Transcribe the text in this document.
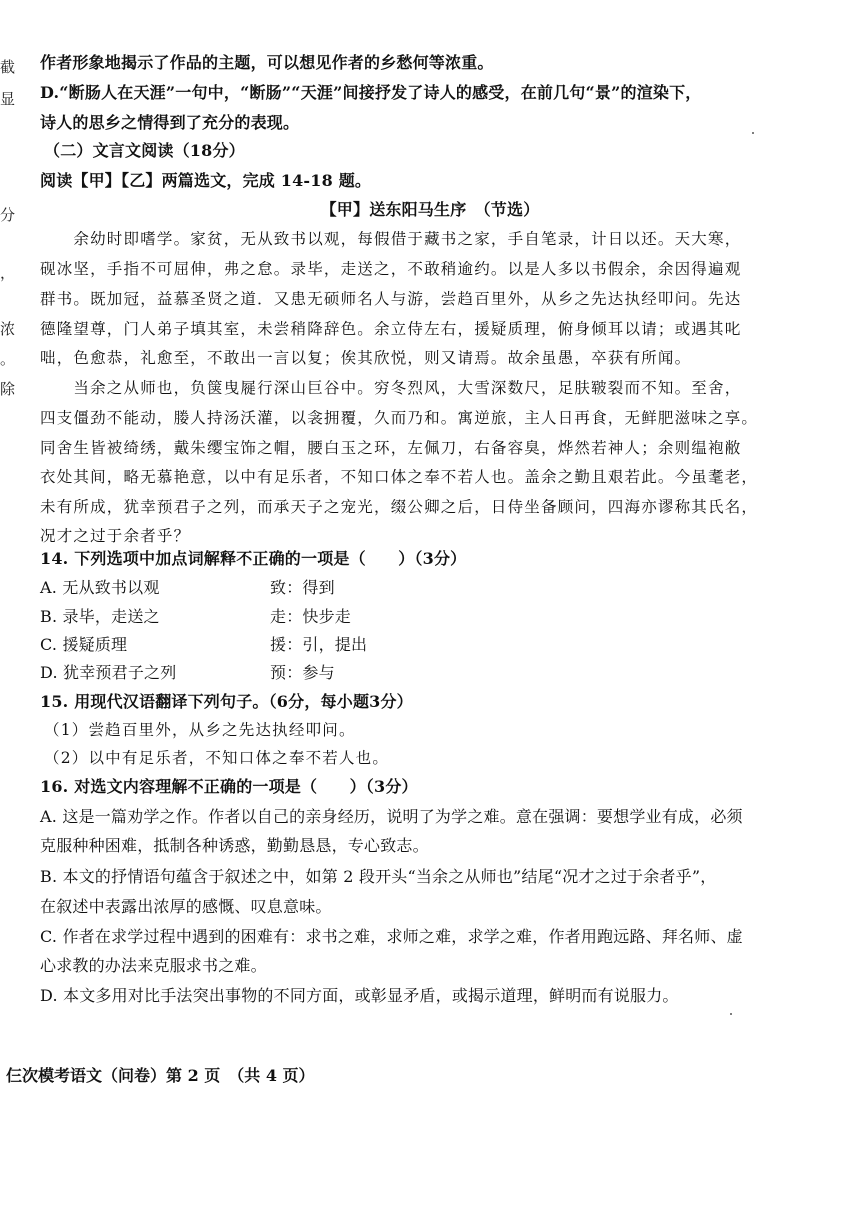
截
显
分
，
浓
。
除
作者形象地揭示了作品的主题，可以想见作者的乡愁何等浓重。
D.“断肠人在天涯”一句中，“断肠”“天涯”间接抒发了诗人的感受，在前几句“景”的渲染下，
诗人的思乡之情得到了充分的表现。
（二）文言文阅读（18分）
阅读【甲】【乙】两篇选文，完成 14-18 题。
【甲】送东阳马生序　（节选）
　　余幼时即嗜学。家贫，无从致书以观，每假借于藏书之家，手自笔录，计日以还。天大寒，
砚冰坚，手指不可屈伸，弗之怠。录毕，走送之，不敢稍逾约。以是人多以书假余，余因得遍观
群书。既加冠，益慕圣贤之道．又患无硕师名人与游，尝趋百里外，从乡之先达执经叩问。先达
德隆望尊，门人弟子填其室，未尝稍降辞色。余立侍左右，援疑质理，俯身倾耳以请；或遇其叱
咄，色愈恭，礼愈至，不敢出一言以复；俟其欣悦，则又请焉。故余虽愚，卒获有所闻。
　　当余之从师也，负箧曳屣行深山巨谷中。穷冬烈风，大雪深数尺，足肤皲裂而不知。至舍，
四支僵劲不能动，媵人持汤沃灌，以衾拥覆，久而乃和。寓逆旅，主人日再食，无鲜肥滋味之享。
同舍生皆被绮绣，戴朱缨宝饰之帽，腰白玉之环，左佩刀，右备容臭，烨然若神人；余则缊袍敝
衣处其间，略无慕艳意，以中有足乐者，不知口体之奉不若人也。盖余之勤且艰若此。今虽耄老，
未有所成，犹幸预君子之列，而承天子之宠光，缀公卿之后，日侍坐备顾问，四海亦谬称其氏名，
况才之过于余者乎？
14. 下列选项中加点词解释不正确的一项是（　　）（3分）
A. 无从致书以观	致：得到
B. 录毕，走送之	走：快步走
C. 援疑质理	援：引，提出
D. 犹幸预君子之列	预：参与
15. 用现代汉语翻译下列句子。（6分，每小题3分）
（1）尝趋百里外，从乡之先达执经叩问。
（2）以中有足乐者，不知口体之奉不若人也。
16. 对选文内容理解不正确的一项是（　　）（3分）
A. 这是一篇劝学之作。作者以自己的亲身经历，说明了为学之难。意在强调：要想学业有成，必须
克服种种困难，抵制各种诱惑，勤勤恳恳，专心致志。
B. 本文的抒情语句蕴含于叙述之中，如第 2 段开头“当余之从师也”结尾“况才之过于余者乎”，
在叙述中表露出浓厚的感慨、叹息意味。
C. 作者在求学过程中遇到的困难有：求书之难，求师之难，求学之难，作者用跑远路、拜名师、虚
心求教的办法来克服求书之难。
D. 本文多用对比手法突出事物的不同方面，或彰显矛盾，或揭示道理，鲜明而有说服力。
仨次模考语文（问卷）第 2 页　（共 4 页）
